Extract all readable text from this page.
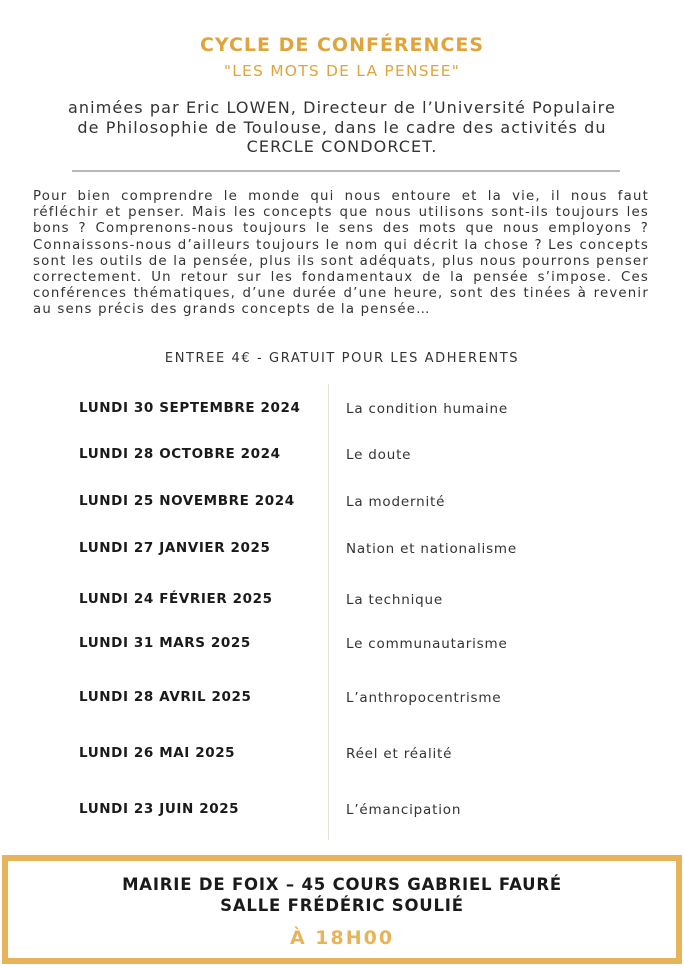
CYCLE DE CONFÉRENCES
"LES MOTS DE LA PENSEE"
animées par Eric LOWEN, Directeur de l’Université Populaire
de Philosophie de Toulouse, dans le cadre des activités du
CERCLE CONDORCET.

Pour bien comprendre le monde qui nous entoure et la vie, il nous faut réfléchir et penser. Mais les concepts que nous utilisons sont-ils toujours les bons ? Comprenons-nous toujours le sens des mots que nous employons ? Connaissons-nous d’ailleurs toujours le nom qui décrit la chose ? Les concepts sont les outils de la pensée, plus ils sont adéquats, plus nous pourrons penser correctement. Un retour sur les fondamentaux de la pensée s’impose. Ces conférences thématiques, d’une durée d’une heure, sont des tinées à revenir au sens précis des grands concepts de la pensée…

ENTREE 4€ - GRATUIT POUR LES ADHERENTS
LUNDI 30 SEPTEMBRE 2024	La condition humaine
LUNDI 28 OCTOBRE 2024	Le doute
LUNDI 25 NOVEMBRE 2024	La modernité
LUNDI 27 JANVIER 2025	Nation et nationalisme
LUNDI 24 FÉVRIER 2025	La technique
LUNDI 31 MARS 2025	Le communautarisme
LUNDI 28 AVRIL 2025	L’anthropocentrisme
LUNDI 26 MAI 2025	Réel et réalité
LUNDI 23 JUIN 2025	L’émancipation
MAIRIE DE FOIX – 45 COURS GABRIEL FAURÉ
SALLE FRÉDÉRIC SOULIÉ
À 18H00
